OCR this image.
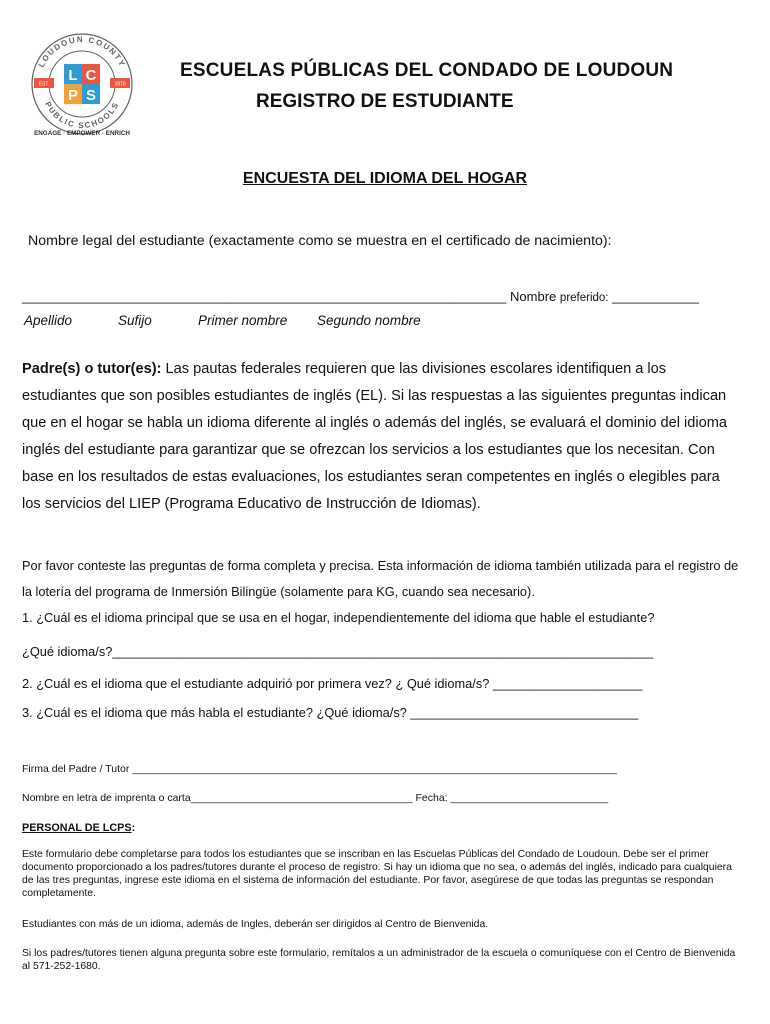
LOUDOUN COUNTY
PUBLIC SCHOOLS
EST.	1870
L C
P S
ENGAGE · EMPOWER · ENRICH
ESCUELAS PÚBLICAS DEL CONDADO DE LOUDOUN
REGISTRO DE ESTUDIANTE
ENCUESTA DEL IDIOMA DEL HOGAR
Nombre legal del estudiante (exactamente como se muestra en el certificado de nacimiento):
___________________________________________________________________ Nombre preferido: ____________
Apellido	Sufijo	Primer nombre Segundo nombre
Padre(s) o tutor(es): Las pautas federales requieren que las divisiones escolares identifiquen a los estudiantes que son posibles estudiantes de inglés (EL). Si las respuestas a las siguientes preguntas indican que en el hogar se habla un idioma diferente al inglés o además del inglés, se evaluará el dominio del idioma inglés del estudiante para garantizar que se ofrezcan los servicios a los estudiantes que los necesitan. Con base en los resultados de estas evaluaciones, los estudiantes seran competentes en inglés o elegibles para los servicios del LIEP (Programa Educativo de Instrucción de Idiomas).
Por favor conteste las preguntas de forma completa y precisa. Esta información de idioma también utilizada para el registro de la lotería del programa de Inmersión Bilingüe (solamente para KG, cuando sea necesario).
1. ¿Cuál es el idioma principal que se usa en el hogar, independientemente del idioma que hable el estudiante?
¿Qué idioma/s?____________________________________________________________________________
2. ¿Cuál es el idioma que el estudiante adquirió por primera vez? ¿ Qué idioma/s? _____________________
3. ¿Cuál es el idioma que más habla el estudiante? ¿Qué idioma/s? ________________________________
Firma del Padre / Tutor ___________________________________________________________________________________
Nombre en letra de imprenta o carta______________________________________ Fecha: ___________________________
PERSONAL DE LCPS:
Este formulario debe completarse para todos los estudiantes que se inscriban en las Escuelas Públicas del Condado de Loudoun. Debe ser el primer documento proporcionado a los padres/tutores durante el proceso de registro. Si hay un idioma que no sea, o además del inglés, indicado para cualquiera de las tres preguntas, ingrese este idioma en el sistema de información del estudiante. Por favor, asegúrese de que todas las preguntas se respondan completamente.
Estudiantes con más de un idioma, además de Ingles, deberán ser dirigidos al Centro de Bienvenida.
Si los padres/tutores tienen alguna pregunta sobre este formulario, remítalos a un administrador de la escuela o comuníquese con el Centro de Bienvenida al 571-252-1680.
